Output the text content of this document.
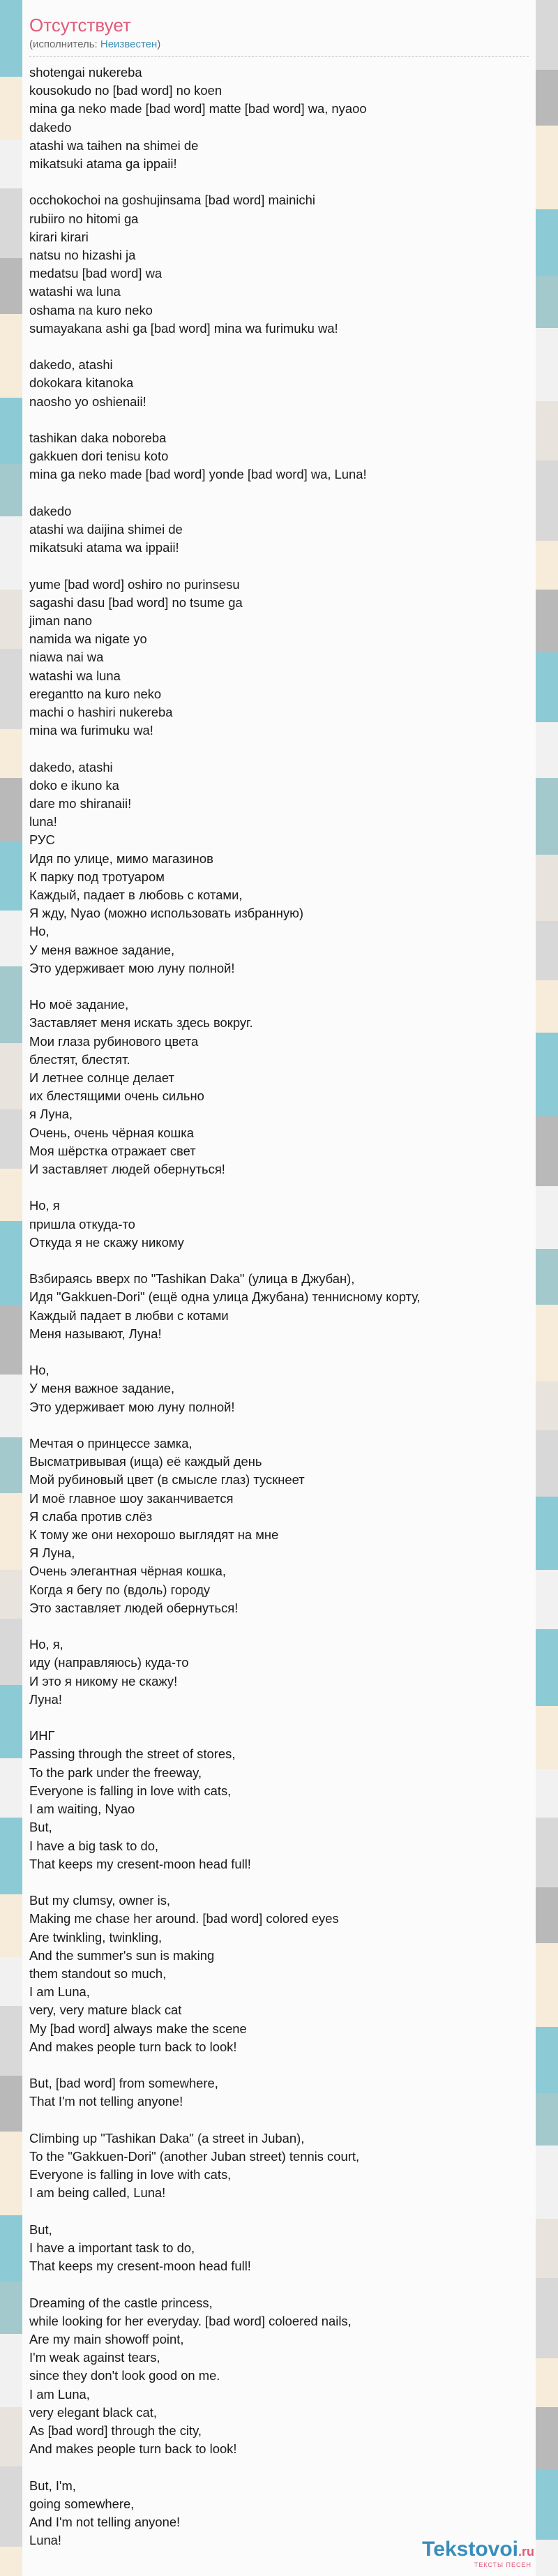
Отсутствует
(исполнитель: Неизвестен)
shotengai nukereba
kousokudo no [bad word] no koen
mina ga neko made [bad word] matte [bad word] wa, nyaoo
dakedo
atashi wa taihen na shimei de
mikatsuki atama ga ippaii!
occhokochoi na goshujinsama [bad word] mainichi
rubiiro no hitomi ga
kirari kirari
natsu no hizashi ja
medatsu [bad word] wa
watashi wa luna
oshama na kuro neko
sumayakana ashi ga [bad word] mina wa furimuku wa!
dakedo, atashi
dokokara kitanoka
naosho yo oshienaii!
tashikan daka noboreba
gakkuen dori tenisu koto
mina ga neko made [bad word] yonde [bad word] wa, Luna!
dakedo
atashi wa daijina shimei de
mikatsuki atama wa ippaii!
yume [bad word] oshiro no purinsesu
sagashi dasu [bad word] no tsume ga
jiman nano
namida wa nigate yo
niawa nai wa
watashi wa luna
eregantto na kuro neko
machi o hashiri nukereba
mina wa furimuku wa!
dakedo, atashi
doko e ikuno ka
dare mo shiranaii!
luna!
РУС
Идя по улице, мимо магазинов
К парку под тротуаром
Каждый, падает в любовь с котами,
Я жду, Nyao (можно использовать избранную)
Но,
У меня важное задание,
Это удерживает мою луну полной!
Но моё задание,
Заставляет меня искать здесь вокруг.
Мои глаза рубинового цвета
блестят, блестят.
И летнее солнце делает
их блестящими очень сильно
я Луна,
Очень, очень чёрная кошка
Моя шёрстка отражает свет
И заставляет людей обернуться!
Но, я
пришла откуда-то
Откуда я не скажу никому
Взбираясь вверх по "Tashikan Daka" (улица в Джубан),
Идя "Gakkuen-Dori" (ещё одна улица Джубана) теннисному корту,
Каждый падает в любви с котами
Меня называют, Луна!
Но,
У меня важное задание,
Это удерживает мою луну полной!
Мечтая о принцессе замка,
Высматривывая (ища) её каждый день
Мой рубиновый цвет (в смысле глаз) тускнеет
И моё главное шоу заканчивается
Я слаба против слёз
К тому же они нехорошо выглядят на мне
Я Луна,
Очень элегантная чёрная кошка,
Когда я бегу по (вдоль) городу
Это заставляет людей обернуться!
Но, я,
иду (направляюсь) куда-то
И это я никому не скажу!
Луна!
ИНГ
Passing through the street of stores,
To the park under the freeway,
Everyone is falling in love with cats,
I am waiting, Nyao
But,
I have a big task to do,
That keeps my cresent-moon head full!
But my clumsy, owner is,
Making me chase her around. [bad word] colored eyes
Are twinkling, twinkling,
And the summer's sun is making
them standout so much,
I am Luna,
very, very mature black cat
My [bad word] always make the scene
And makes people turn back to look!
But, [bad word] from somewhere,
That I'm not telling anyone!
Climbing up "Tashikan Daka" (a street in Juban),
To the "Gakkuen-Dori" (another Juban street) tennis court,
Everyone is falling in love with cats,
I am being called, Luna!
But,
I have a important task to do,
That keeps my cresent-moon head full!
Dreaming of the castle princess,
while looking for her everyday. [bad word] coloered nails,
Are my main showoff point,
I'm weak against tears,
since they don't look good on me.
I am Luna,
very elegant black cat,
As [bad word] through the city,
And makes people turn back to look!
But, I'm,
going somewhere,
And I'm not telling anyone!
Luna!	Tekstovoi.ru
ТЕКСТЫ ПЕСЕН
